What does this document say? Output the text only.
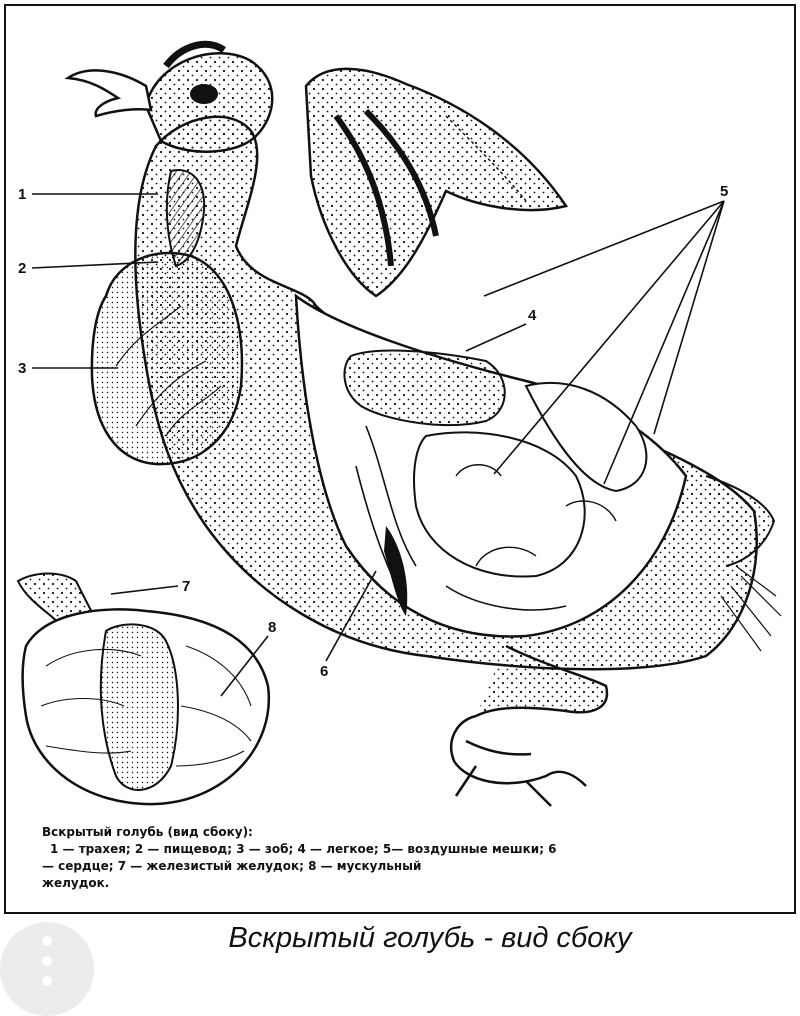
1
2
3
4
5
6
7
8
Вскрытый голубь (вид сбоку):
1 — трахея; 2 — пищевод; 3 — зоб; 4 — легкое; 5— воздушные мешки; 6
— сердце; 7 — железистый желудок; 8 — мускульный
желудок.
Вскрытый голубь - вид сбоку
